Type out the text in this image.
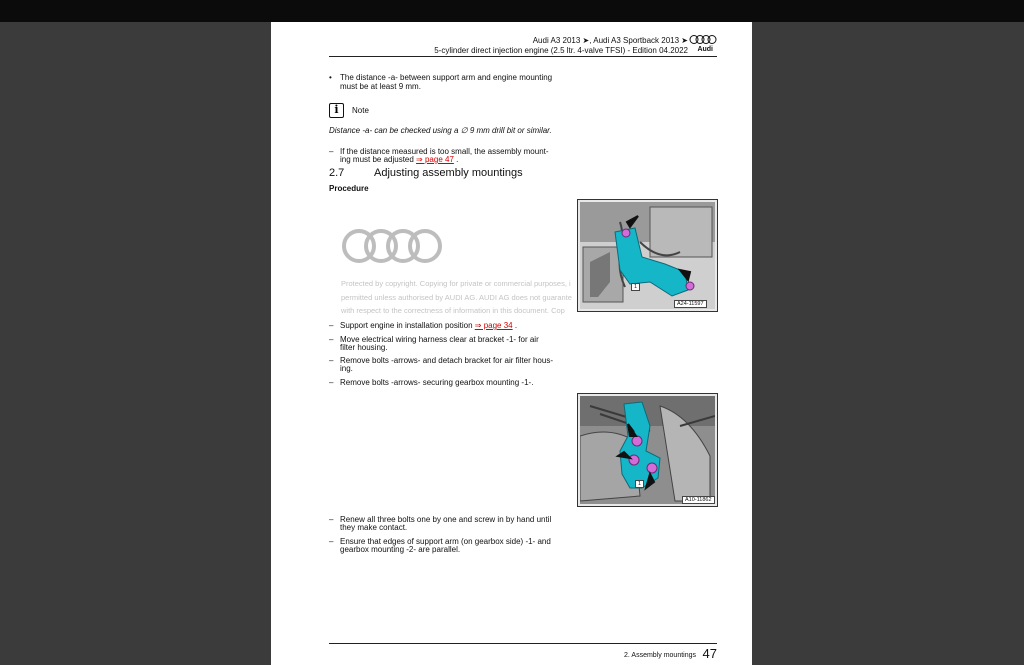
Audi A3 2013 ➤, Audi A3 Sportback 2013 ➤
5-cylinder direct injection engine (2.5 ltr. 4-valve TFSI) - Edition 04.2022 Audi
• The distance -a- between support arm and engine mounting
must be at least 9 mm.
i	Note
Distance -a- can be checked using a ∅ 9 mm drill bit or similar.
– If the distance measured is too small, the assembly mount-
ing must be adjusted ⇒ page 47 .
2.7	Adjusting assembly mountings
Procedure
Protected by copyright. Copying for private or commercial purposes, i
permitted unless authorised by AUDI AG. AUDI AG does not guarante
with respect to the correctness of information in this document. Cop
A24-11597
1
– Support engine in installation position ⇒ page 34 .
– Move electrical wiring harness clear at bracket -1- for air
filter housing.
– Remove bolts -arrows- and detach bracket for air filter hous-
ing.
– Remove bolts -arrows- securing gearbox mounting -1-.
A10-11862
1
– Renew all three bolts one by one and screw in by hand until
they make contact.
– Ensure that edges of support arm (on gearbox side) -1- and
gearbox mounting -2- are parallel.
2. Assembly mountings 47
